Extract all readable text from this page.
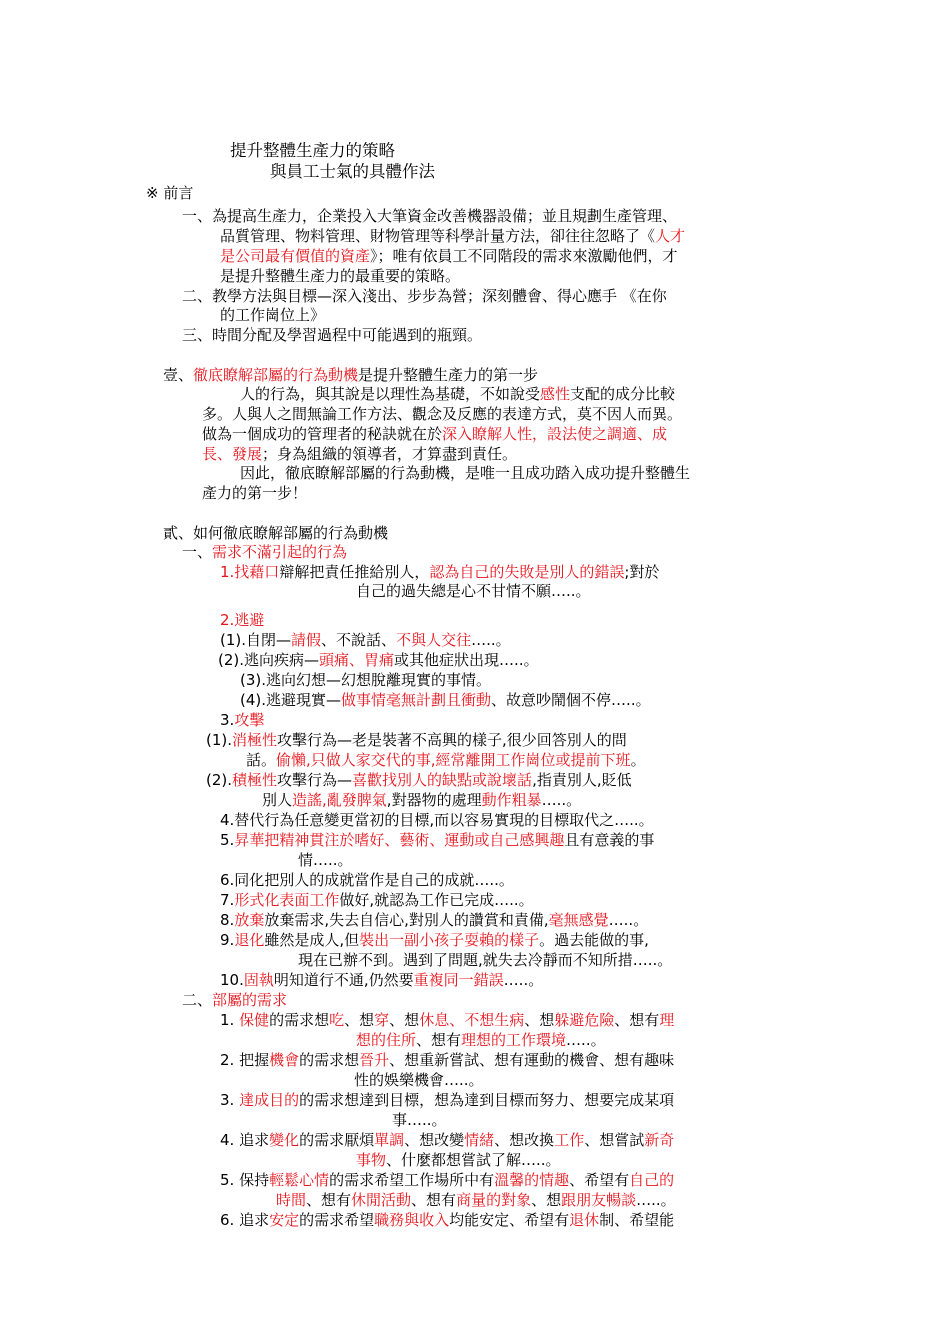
提升整體生產力的策略
與員工士氣的具體作法
※ 前言
一、為提高生產力，企業投入大筆資金改善機器設備；並且規劃生產管理、
品質管理、物料管理、財物管理等科學計量方法，卻往往忽略了《人才
是公司最有價值的資產》；唯有依員工不同階段的需求來激勵他們，才
是提升整體生產力的最重要的策略。
二、教學方法與目標—深入淺出、步步為營；深刻體會、得心應手 《在你
的工作崗位上》
三、時間分配及學習過程中可能遇到的瓶頸。
壹、徹底瞭解部屬的行為動機是提升整體生產力的第一步
人的行為，與其說是以理性為基礎，不如說受感性支配的成分比較
多。人與人之間無論工作方法、觀念及反應的表達方式，莫不因人而異。
做為一個成功的管理者的秘訣就在於深入瞭解人性，設法使之調適、成
長、發展；身為組織的領導者，才算盡到責任。
因此，徹底瞭解部屬的行為動機，是唯一且成功踏入成功提升整體生
產力的第一步！
貳、如何徹底瞭解部屬的行為動機
一、需求不滿引起的行為
1.找藉口辯解把責任推給別人，認為自己的失敗是別人的錯誤;對於
自己的過失總是心不甘情不願…..。
2.逃避
(1).自閉—請假、不說話、不與人交往…..。
(2).逃向疾病—頭痛、胃痛或其他症狀出現…..。
(3).逃向幻想—幻想脫離現實的事情。
(4).逃避現實—做事情毫無計劃且衝動、故意吵鬧個不停…..。
3.攻擊
(1).消極性攻擊行為—老是裝著不高興的樣子,很少回答別人的問
話。偷懶,只做人家交代的事,經常離開工作崗位或提前下班。
(2).積極性攻擊行為—喜歡找別人的缺點或說壞話,指責別人,貶低
別人造謠,亂發脾氣,對器物的處理動作粗暴…..。
4.替代行為任意變更當初的目標,而以容易實現的目標取代之…..。
5.昇華把精神貫注於嗜好、藝術、運動或自己感興趣且有意義的事
情…..。
6.同化把別人的成就當作是自己的成就…..。
7.形式化表面工作做好,就認為工作已完成…..。
8.放棄放棄需求,失去自信心,對別人的讚賞和責備,毫無感覺…..。
9.退化雖然是成人,但裝出一副小孩子耍賴的樣子。過去能做的事,
現在已辦不到。遇到了問題,就失去冷靜而不知所措…..。
10.固執明知道行不通,仍然要重複同一錯誤…..。
二、部屬的需求
1. 保健的需求想吃、想穿、想休息、不想生病、想躲避危險、想有理
想的住所、想有理想的工作環境…..。
2. 把握機會的需求想晉升、想重新嘗試、想有運動的機會、想有趣味
性的娛樂機會…..。
3. 達成目的的需求想達到目標，想為達到目標而努力、想要完成某項
事…..。
4. 追求變化的需求厭煩單調、想改變情緒、想改換工作、想嘗試新奇
事物、什麼都想嘗試了解…..。
5. 保持輕鬆心情的需求希望工作場所中有溫馨的情趣、希望有自己的
時間、想有休閒活動、想有商量的對象、想跟朋友暢談…..。
6. 追求安定的需求希望職務與收入均能安定、希望有退休制、希望能
